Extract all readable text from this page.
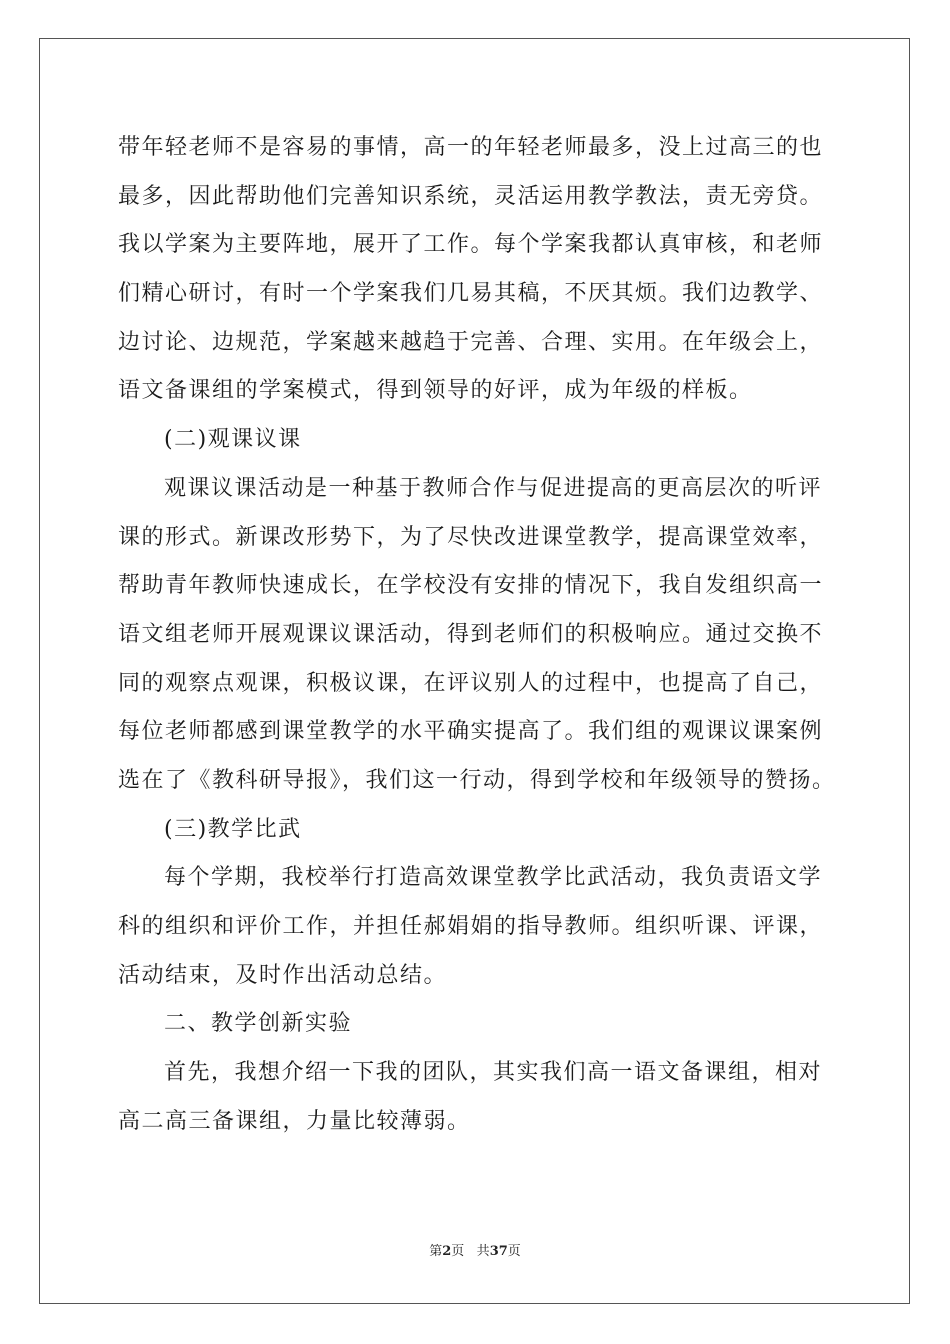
带年轻老师不是容易的事情，高一的年轻老师最多，没上过高三的也
最多，因此帮助他们完善知识系统，灵活运用教学教法，责无旁贷。
我以学案为主要阵地，展开了工作。每个学案我都认真审核，和老师
们精心研讨，有时一个学案我们几易其稿，不厌其烦。我们边教学、
边讨论、边规范，学案越来越趋于完善、合理、实用。在年级会上，
语文备课组的学案模式，得到领导的好评，成为年级的样板。
(二)观课议课
观课议课活动是一种基于教师合作与促进提高的更高层次的听评
课的形式。新课改形势下，为了尽快改进课堂教学，提高课堂效率，
帮助青年教师快速成长，在学校没有安排的情况下，我自发组织高一
语文组老师开展观课议课活动，得到老师们的积极响应。通过交换不
同的观察点观课，积极议课，在评议别人的过程中，也提高了自己，
每位老师都感到课堂教学的水平确实提高了。我们组的观课议课案例
选在了《教科研导报》，我们这一行动，得到学校和年级领导的赞扬。
(三)教学比武
每个学期，我校举行打造高效课堂教学比武活动，我负责语文学
科的组织和评价工作，并担任郝娟娟的指导教师。组织听课、评课，
活动结束，及时作出活动总结。
二、教学创新实验
首先，我想介绍一下我的团队，其实我们高一语文备课组，相对
高二高三备课组，力量比较薄弱。
第2页 共37页
